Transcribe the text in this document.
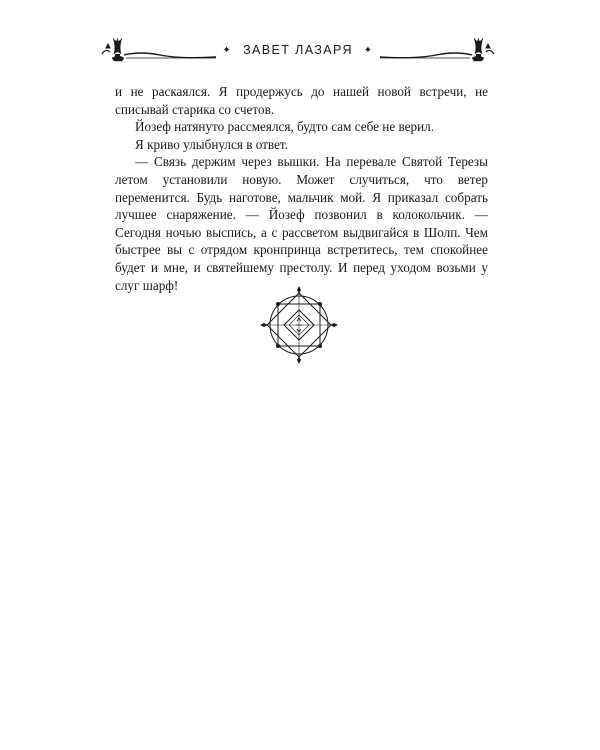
✦ ЗАВЕТ ЛАЗАРЯ ✦

и не раскаялся. Я продержусь до нашей новой встречи, не списывай старика со счетов.

Йозеф натянуто рассмеялся, будто сам себе не верил.

Я криво улыбнулся в ответ.

— Связь держим через вышки. На перевале Святой Терезы летом установили новую. Может случиться, что ветер переменится. Будь наготове, мальчик мой. Я приказал собрать лучшее снаряжение. — Йозеф позвонил в колокольчик. — Сегодня ночью выспись, а с рассветом выдвигайся в Шолп. Чем быстрее вы с отрядом кронпринца встретитесь, тем спокойнее будет и мне, и святейшему престолу. И перед уходом возьми у слуг шарф!
